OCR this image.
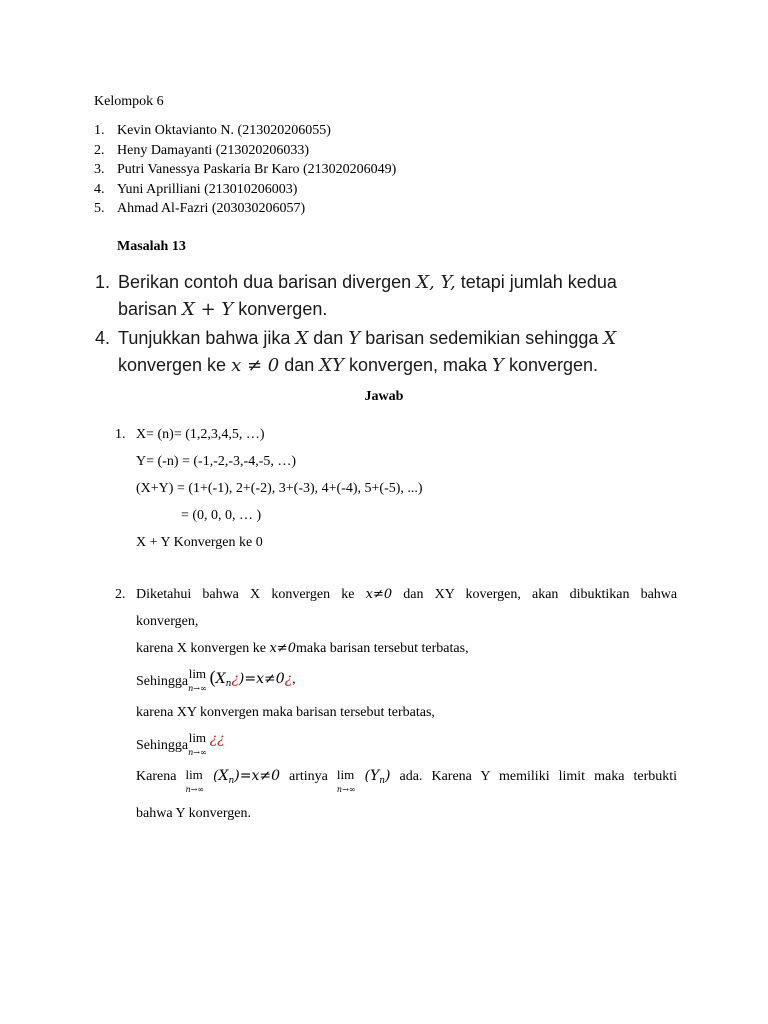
Kelompok 6
1. Kevin Oktavianto N. (213020206055)
2. Heny Damayanti (213020206033)
3. Putri Vanessya Paskaria Br Karo (213020206049)
4. Yuni Aprilliani (213010206003)
5. Ahmad Al-Fazri (203030206057)
Masalah 13
1. Berikan contoh dua barisan divergen X, Y, tetapi jumlah kedua
barisan X + Y konvergen.
4. Tunjukkan bahwa jika X dan Y barisan sedemikian sehingga X
konvergen ke x ≠ 0 dan XY konvergen, maka Y konvergen.
Jawab
1. X= (n)= (1,2,3,4,5, …)
Y= (-n) = (-1,-2,-3,-4,-5, …)
(X+Y) = (1+(-1), 2+(-2), 3+(-3), 4+(-4), 5+(-5), ...)
= (0, 0, 0, … )
X + Y Konvergen ke 0
2. Diketahui bahwa X konvergen ke x≠0 dan XY kovergen, akan dibuktikan bahwa
konvergen,
karena X konvergen ke x≠0maka barisan tersebut terbatas,
Sehinggalim
n→∞
$(X_n¿)=x\ne 0¿$,
karena XY konvergen maka barisan tersebut terbatas,
Sehinggalim
n→∞
¿¿
Karena lim
n→∞
$(X_n)=x\ne 0$ artinya lim
n→∞
$(Y_n)$ ada. Karena Y memiliki limit maka terbukti
bahwa Y konvergen.
